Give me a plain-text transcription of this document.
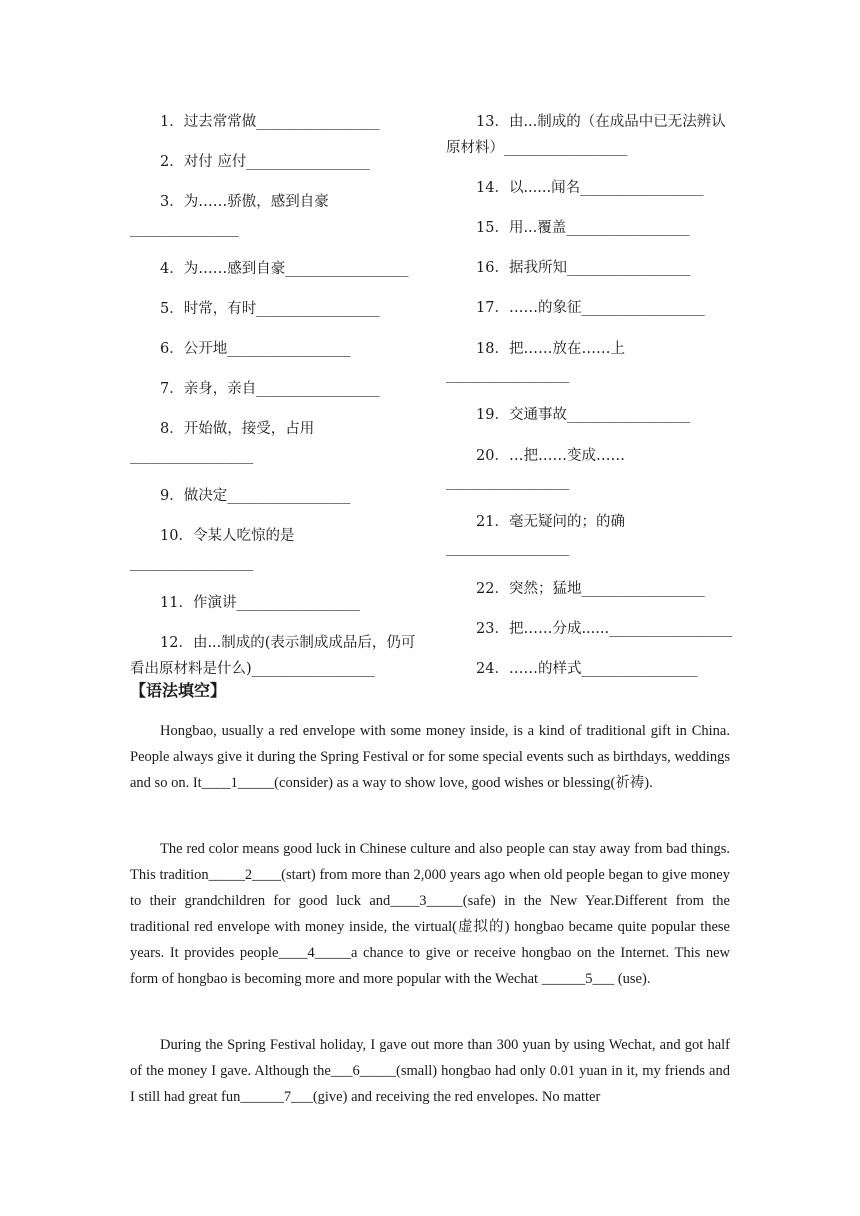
1．过去常常做_________________
2．对付 应付_________________
3．为……骄傲，感到自豪
_______________
4．为……感到自豪_________________
5．时常，有时_________________
6．公开地_________________
7．亲身，亲自_________________
8．开始做，接受，占用
_________________
9．做决定_________________
10．令某人吃惊的是
_________________
11．作演讲_________________
12．由...制成的(表示制成成品后，仍可
看出原材料是什么)_________________
13．由...制成的（在成品中已无法辨认
原材料）_________________
14．以......闻名_________________
15．用...覆盖_________________
16．据我所知_________________
17．……的象征_________________
18．把……放在……上
_________________
19．交通事故_________________
20．…把……变成……
_________________
21．毫无疑问的；的确
_________________
22．突然；猛地_________________
23．把……分成......_________________
24．……的样式________________
【语法填空】
Hongbao, usually a red envelope with some money inside, is a kind of traditional gift in China. People always give it during the Spring Festival or for some special events such as birthdays, weddings and so on. It____1_____(consider) as a way to show love, good wishes or blessing(祈祷).
The red color means good luck in Chinese culture and also people can stay away from bad things. This tradition_____2____(start) from more than 2,000 years ago when old people began to give money to their grandchildren for good luck and____3_____(safe) in the New Year.Different from the traditional red envelope with money inside, the virtual(虚拟的) hongbao became quite popular these years. It provides people____4_____a chance to give or receive hongbao on the Internet. This new form of hongbao is becoming more and more popular with the Wechat ______5___ (use).
During the Spring Festival holiday, I gave out more than 300 yuan by using Wechat, and got half of the money I gave. Although the___6_____(small) hongbao had only 0.01 yuan in it, my friends and I still had great fun______7___(give) and receiving the red envelopes. No matter
